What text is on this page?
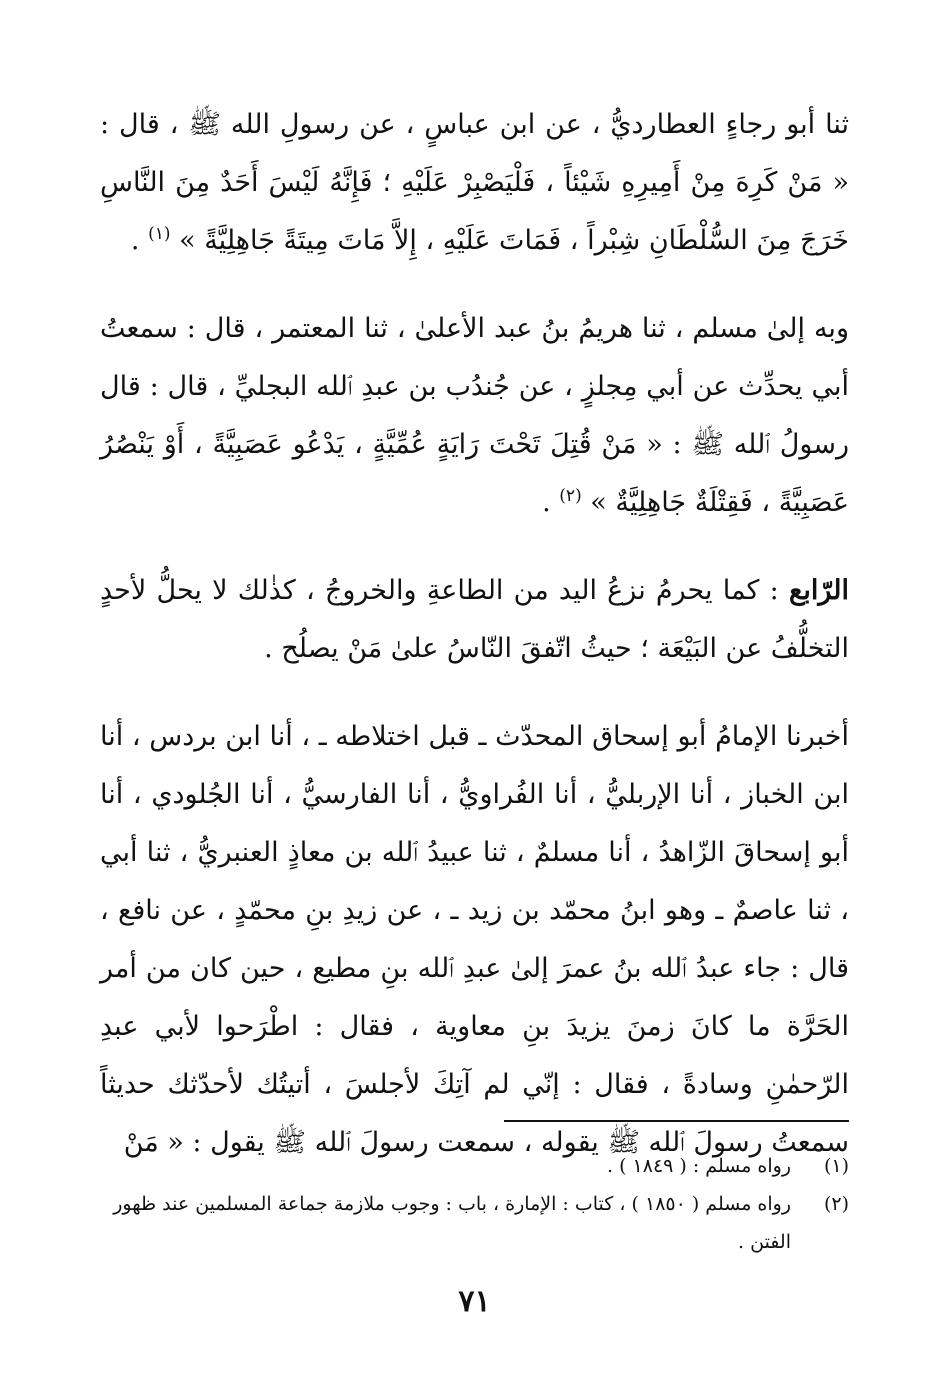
ثنا أبو رجاءٍ العطارديُّ ، عن ابن عباسٍ ، عن رسولِ الله ﷺ ، قال : « مَنْ كَرِهَ مِنْ أَمِيرِهِ شَيْئاً ، فَلْيَصْبِرْ عَلَيْهِ ؛ فَإِنَّهُ لَيْسَ أَحَدٌ مِنَ النَّاسِ خَرَجَ مِنَ السُّلْطَانِ شِبْراً ، فَمَاتَ عَلَيْهِ ، إِلاَّ مَاتَ مِيتَةً جَاهِلِيَّةً » $^{(١)}$ .

وبه إلىٰ مسلم ، ثنا هريمُ بنُ عبد الأعلىٰ ، ثنا المعتمر ، قال : سمعتُ أبي يحدِّث عن أبي مِجلزٍ ، عن جُندُب بن عبدِ ٱلله البجليِّ ، قال : قال رسولُ ٱلله ﷺ : « مَنْ قُتِلَ تَحْتَ رَايَةٍ عُمِّيَّةٍ ، يَدْعُو عَصَبِيَّةً ، أَوْ يَنْصُرُ عَصَبِيَّةً ، فَقِتْلَةٌ جَاهِلِيَّةٌ » $^{(٢)}$ .

الرّابع : كما يحرمُ نزعُ اليد من الطاعةِ والخروجُ ، كذٰلك لا يحلُّ لأحدٍ التخلُّفُ عن البَيْعَة ؛ حيثُ اتّفقَ النّاسُ علىٰ مَنْ يصلُح .

أخبرنا الإمامُ أبو إسحاق المحدّث ـ قبل اختلاطه ـ ، أنا ابن بردس ، أنا ابن الخباز ، أنا الإربليُّ ، أنا الفُراويُّ ، أنا الفارسيُّ ، أنا الجُلودي ، أنا أبو إسحاقَ الزّاهدُ ، أنا مسلمٌ ، ثنا عبيدُ ٱلله بن معاذٍ العنبريُّ ، ثنا أبي ، ثنا عاصمٌ ـ وهو ابنُ محمّد بن زيد ـ ، عن زيدِ بنِ محمّدٍ ، عن نافع ، قال : جاء عبدُ ٱلله بنُ عمرَ إلىٰ عبدِ ٱلله بنِ مطيع ، حين كان من أمر الحَرَّة ما كانَ زمنَ يزيدَ بنِ معاوية ، فقال : اطْرَحوا لأبي عبدِ الرّحمٰنِ وسادةً ، فقال : إنّي لم آتِكَ لأجلسَ ، أتيتُك لأحدّثك حديثاً سمعتُ رسولَ ٱلله ﷺ يقوله ، سمعت رسولَ ٱلله ﷺ يقول : « مَنْ

(١)
رواه مسلم : ( ١٨٤٩ ) .
(٢)
رواه مسلم ( ١٨٥٠ ) ، كتاب : الإمارة ، باب : وجوب ملازمة جماعة المسلمين عند ظهور الفتن .
٧١
